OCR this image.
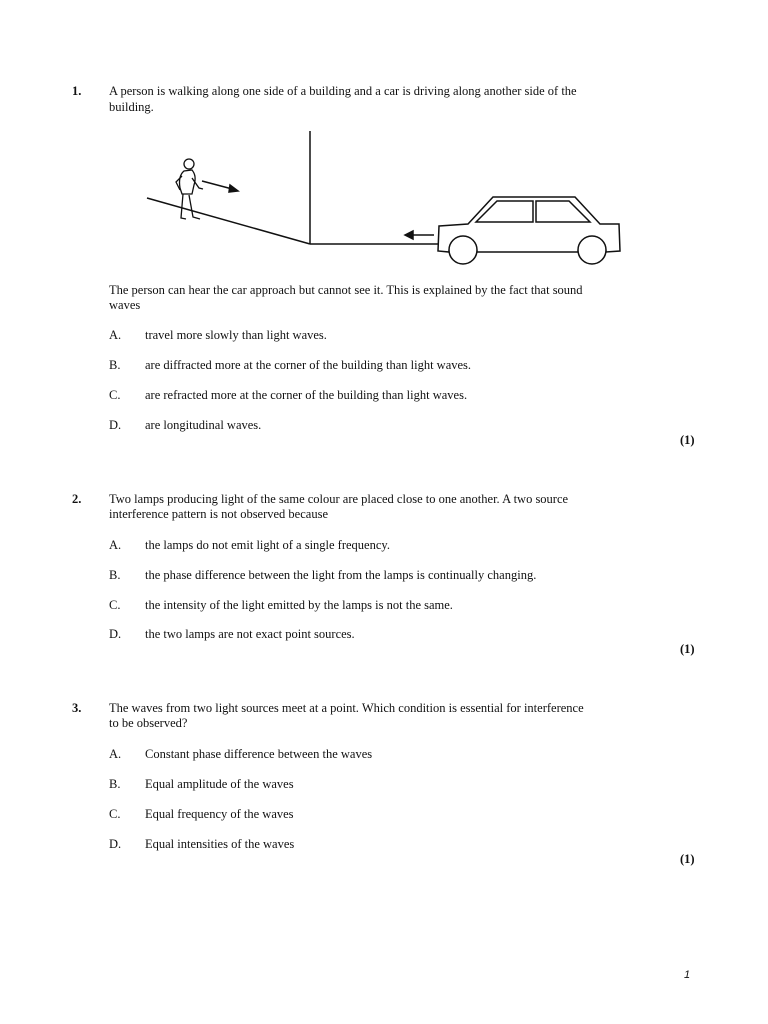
1. A person is walking along one side of a building and a car is driving along another side of the
building.
The person can hear the car approach but cannot see it. This is explained by the fact that sound
waves
A. travel more slowly than light waves.
B. are diffracted more at the corner of the building than light waves.
C. are refracted more at the corner of the building than light waves.
D. are longitudinal waves.
(1)
2. Two lamps producing light of the same colour are placed close to one another. A two source
interference pattern is not observed because
A. the lamps do not emit light of a single frequency.
B. the phase difference between the light from the lamps is continually changing.
C. the intensity of the light emitted by the lamps is not the same.
D. the two lamps are not exact point sources.
(1)
3. The waves from two light sources meet at a point. Which condition is essential for interference
to be observed?
A. Constant phase difference between the waves
B. Equal amplitude of the waves
C. Equal frequency of the waves
D. Equal intensities of the waves
(1)
1
